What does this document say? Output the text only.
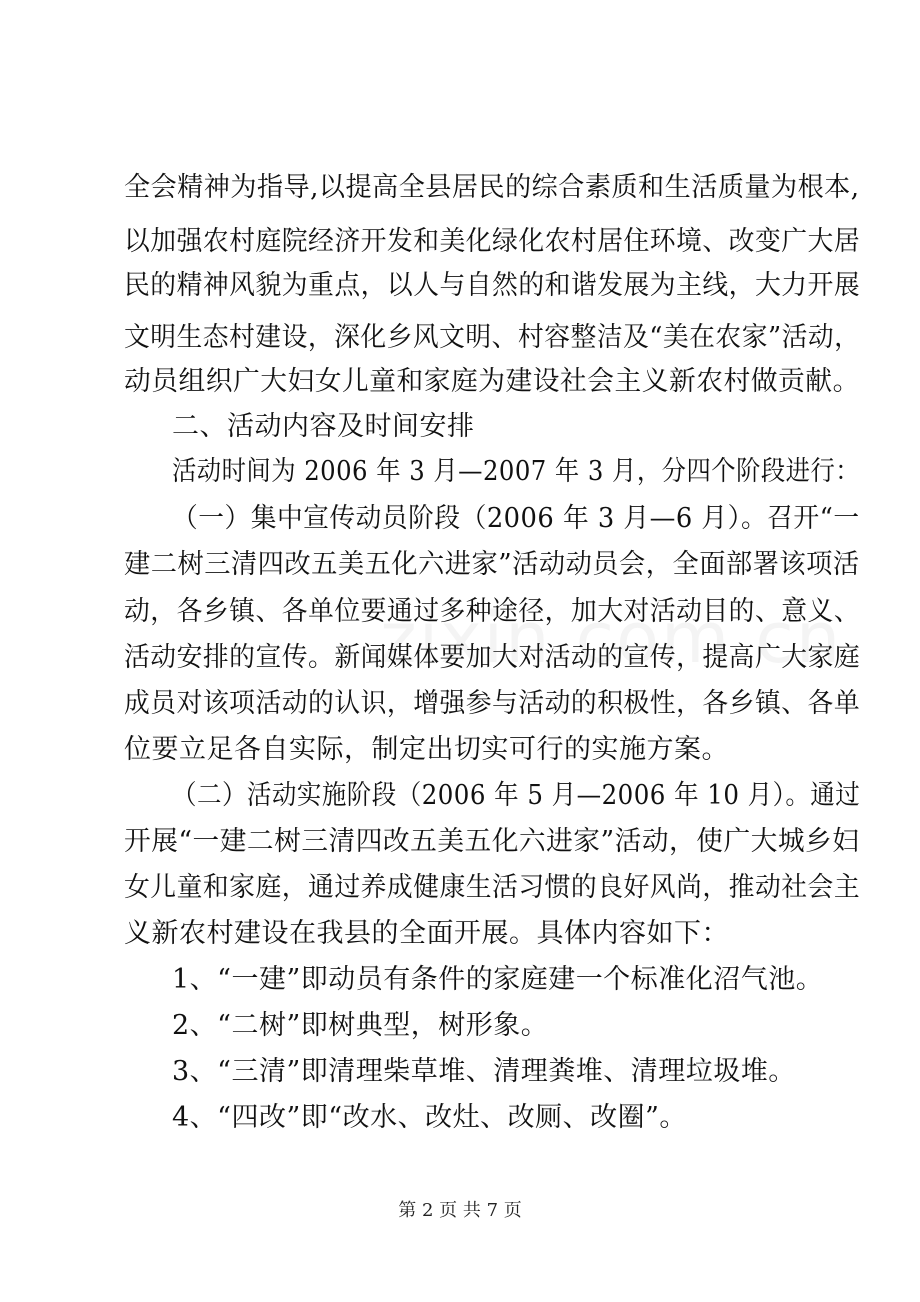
全会精神为指导,以提高全县居民的综合素质和生活质量为根本,
以加强农村庭院经济开发和美化绿化农村居住环境、改变广大居
民的精神风貌为重点，以人与自然的和谐发展为主线，大力开展
文明生态村建设，深化乡风文明、村容整洁及“美在农家”活动，
动员组织广大妇女儿童和家庭为建设社会主义新农村做贡献。
二、活动内容及时间安排
活动时间为 2006 年 3 月—2007 年 3 月，分四个阶段进行：
（一）集中宣传动员阶段（2006 年 3 月—6 月）。召开“一
建二树三清四改五美五化六进家”活动动员会，全面部署该项活
动，各乡镇、各单位要通过多种途径，加大对活动目的、意义、
活动安排的宣传。新闻媒体要加大对活动的宣传，提高广大家庭
成员对该项活动的认识，增强参与活动的积极性，各乡镇、各单
位要立足各自实际，制定出切实可行的实施方案。
（二）活动实施阶段（2006 年 5 月—2006 年 10 月）。通过
开展“一建二树三清四改五美五化六进家”活动，使广大城乡妇
女儿童和家庭，通过养成健康生活习惯的良好风尚，推动社会主
义新农村建设在我县的全面开展。具体内容如下：
1、“一建”即动员有条件的家庭建一个标准化沼气池。
2、“二树”即树典型，树形象。
3、“三清”即清理柴草堆、清理粪堆、清理垃圾堆。
4、“四改”即“改水、改灶、改厕、改圈”。
第 2 页 共 7 页
